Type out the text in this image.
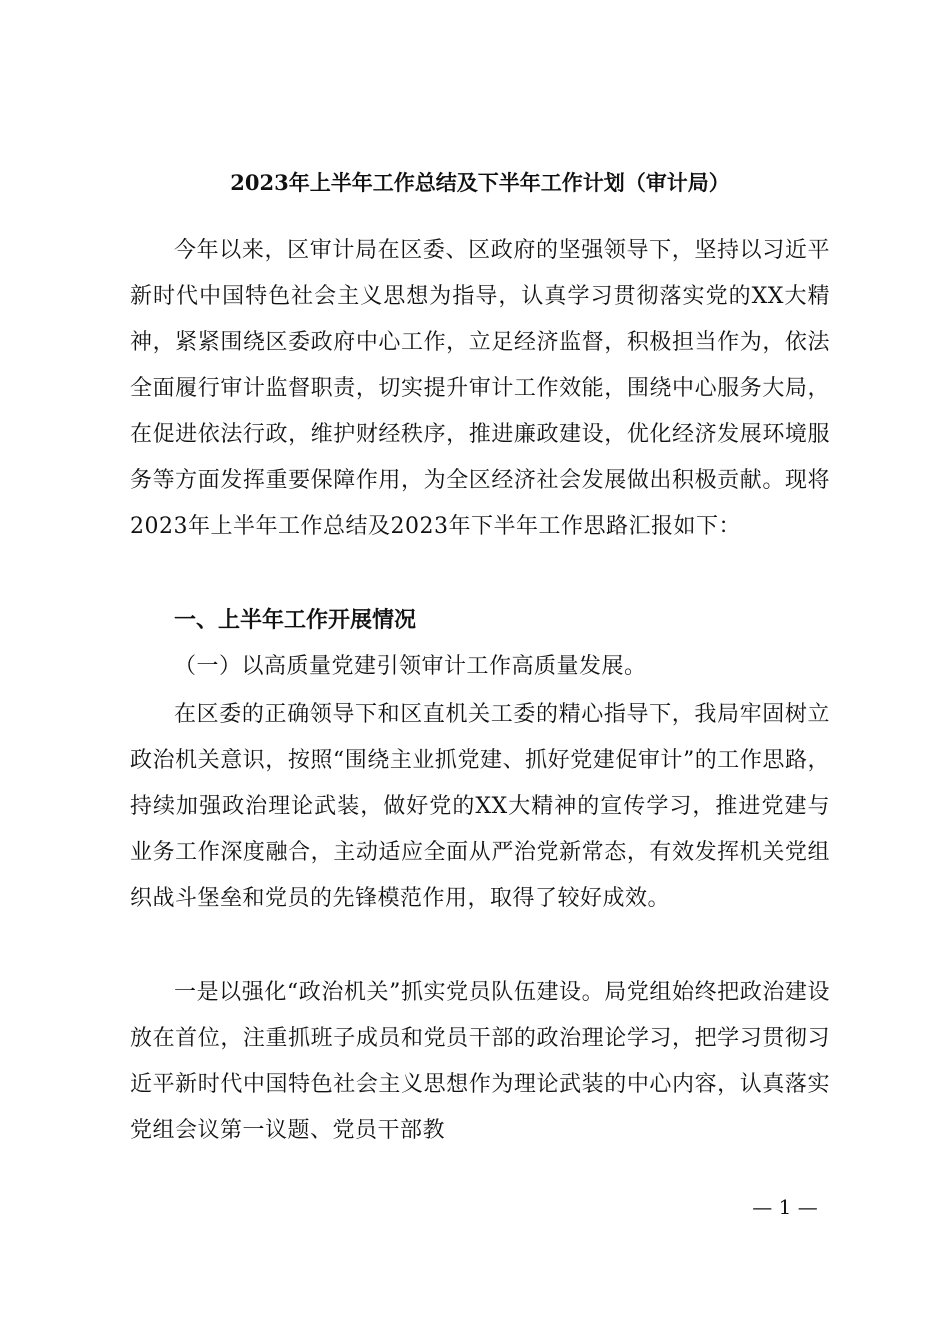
2023年上半年工作总结及下半年工作计划（审计局）
今年以来，区审计局在区委、区政府的坚强领导下，坚持以习近平新时代中国特色社会主义思想为指导，认真学习贯彻落实党的XX大精神，紧紧围绕区委政府中心工作，立足经济监督，积极担当作为，依法全面履行审计监督职责，切实提升审计工作效能，围绕中心服务大局，在促进依法行政，维护财经秩序，推进廉政建设，优化经济发展环境服务等方面发挥重要保障作用，为全区经济社会发展做出积极贡献。现将2023年上半年工作总结及2023年下半年工作思路汇报如下：
一、上半年工作开展情况
（一）以高质量党建引领审计工作高质量发展。
在区委的正确领导下和区直机关工委的精心指导下，我局牢固树立政治机关意识，按照“围绕主业抓党建、抓好党建促审计”的工作思路，持续加强政治理论武装，做好党的XX大精神的宣传学习，推进党建与业务工作深度融合，主动适应全面从严治党新常态，有效发挥机关党组织战斗堡垒和党员的先锋模范作用，取得了较好成效。
一是以强化“政治机关”抓实党员队伍建设。局党组始终把政治建设放在首位，注重抓班子成员和党员干部的政治理论学习，把学习贯彻习近平新时代中国特色社会主义思想作为理论武装的中心内容，认真落实党组会议第一议题、党员干部教
— 1 —
